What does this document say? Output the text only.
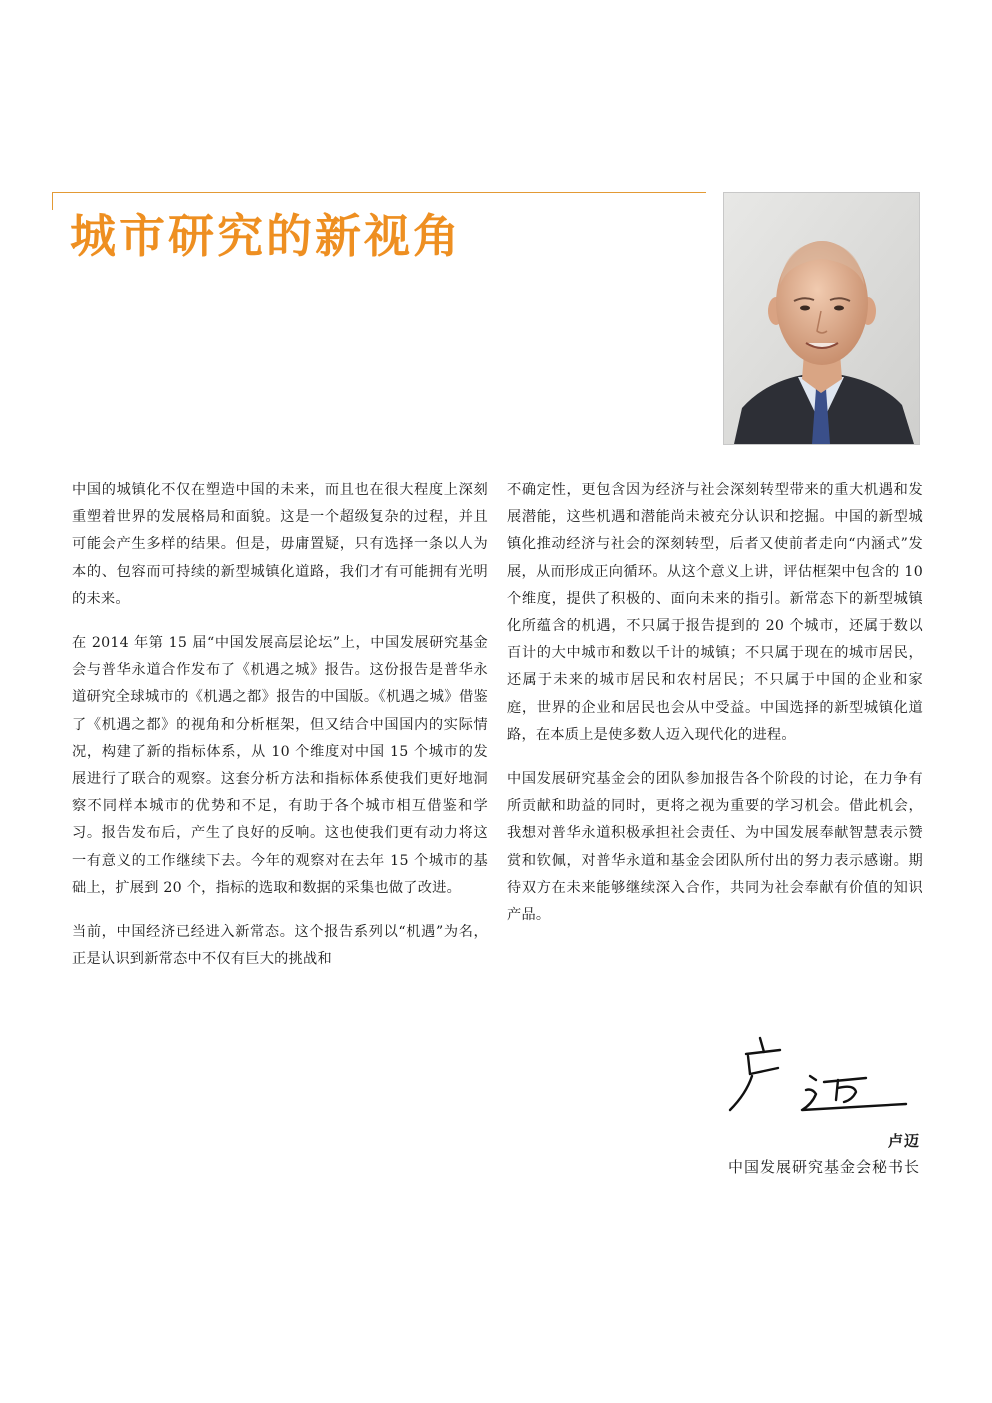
城市研究的新视角

中国的城镇化不仅在塑造中国的未来，而且也在很大程度上深刻重塑着世界的发展格局和面貌。这是一个超级复杂的过程，并且可能会产生多样的结果。但是，毋庸置疑，只有选择一条以人为本的、包容而可持续的新型城镇化道路，我们才有可能拥有光明的未来。

在 2014 年第 15 届“中国发展高层论坛”上，中国发展研究基金会与普华永道合作发布了《机遇之城》报告。这份报告是普华永道研究全球城市的《机遇之都》报告的中国版。《机遇之城》借鉴了《机遇之都》的视角和分析框架，但又结合中国国内的实际情况，构建了新的指标体系，从 10 个维度对中国 15 个城市的发展进行了联合的观察。这套分析方法和指标体系使我们更好地洞察不同样本城市的优势和不足，有助于各个城市相互借鉴和学习。报告发布后，产生了良好的反响。这也使我们更有动力将这一有意义的工作继续下去。今年的观察对在去年 15 个城市的基础上，扩展到 20 个，指标的选取和数据的采集也做了改进。

当前，中国经济已经进入新常态。这个报告系列以“机遇”为名，正是认识到新常态中不仅有巨大的挑战和

不确定性，更包含因为经济与社会深刻转型带来的重大机遇和发展潜能，这些机遇和潜能尚未被充分认识和挖掘。中国的新型城镇化推动经济与社会的深刻转型，后者又使前者走向“内涵式”发展，从而形成正向循环。从这个意义上讲，评估框架中包含的 10 个维度，提供了积极的、面向未来的指引。新常态下的新型城镇化所蕴含的机遇，不只属于报告提到的 20 个城市，还属于数以百计的大中城市和数以千计的城镇；不只属于现在的城市居民，还属于未来的城市居民和农村居民；不只属于中国的企业和家庭，世界的企业和居民也会从中受益。中国选择的新型城镇化道路，在本质上是使多数人迈入现代化的进程。

中国发展研究基金会的团队参加报告各个阶段的讨论，在力争有所贡献和助益的同时，更将之视为重要的学习机会。借此机会，我想对普华永道积极承担社会责任、为中国发展奉献智慧表示赞赏和钦佩，对普华永道和基金会团队所付出的努力表示感谢。期待双方在未来能够继续深入合作，共同为社会奉献有价值的知识产品。

卢迈
中国发展研究基金会秘书长
